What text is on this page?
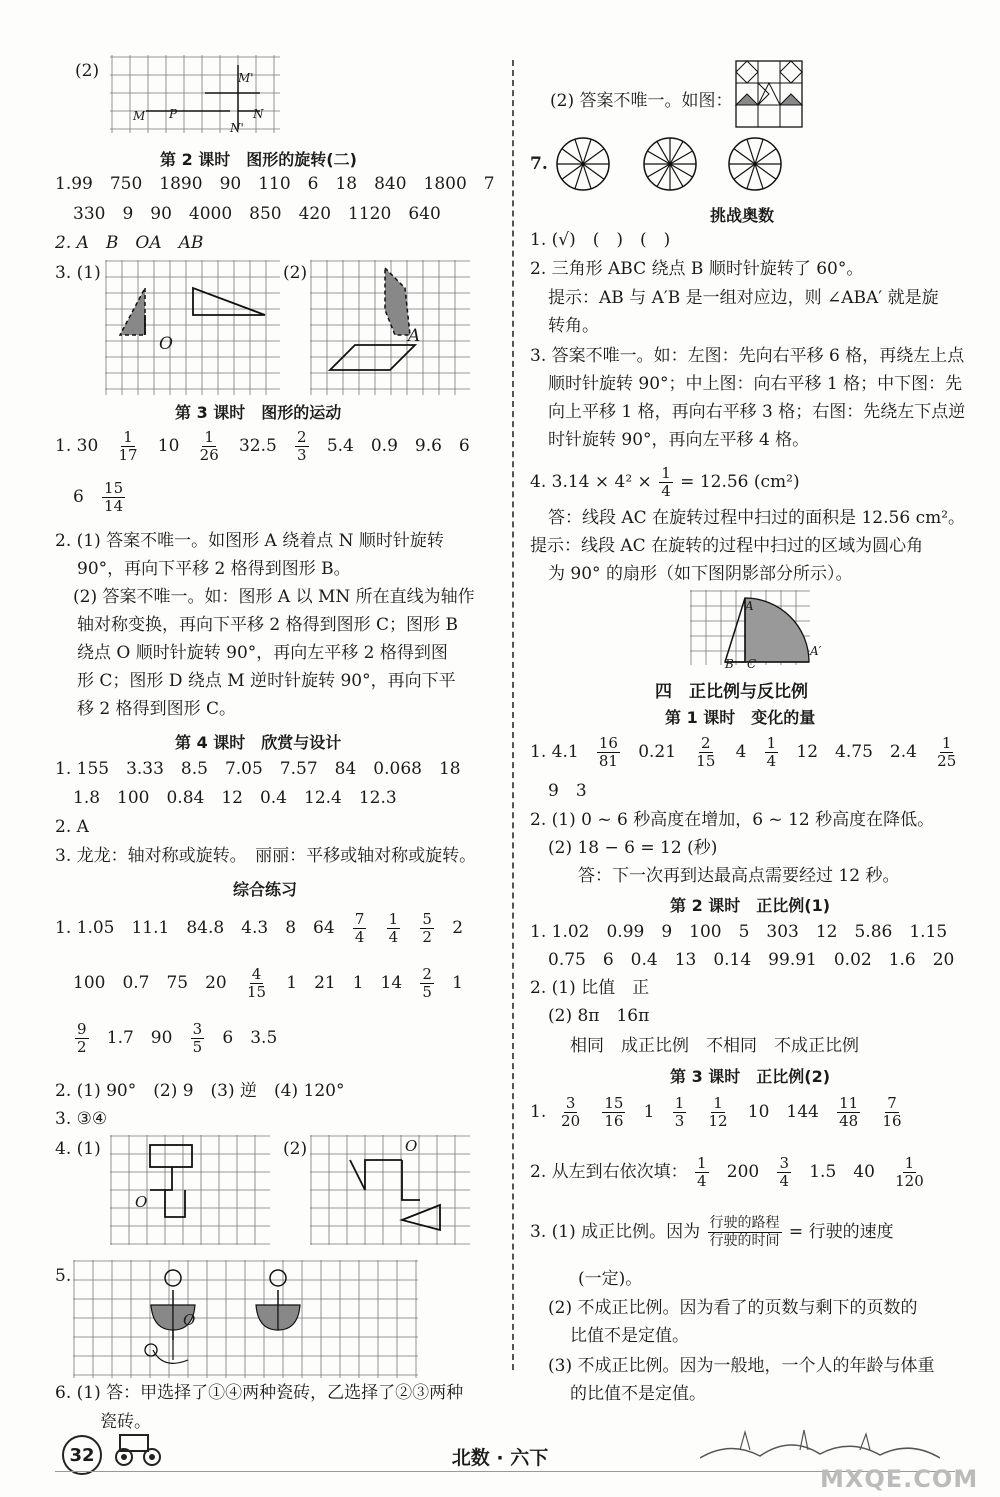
(2)	M'
M P	N
N'
第 2 课时　图形的旋转(二)
1.99　750　1890　90　110　6　18　840　1800　7
330　9　90　4000　850　420　1120　640
2. A　B　OA　AB
3. (1)
O
(2)
A
第 3 课时　图形的运动
1. $30 \frac{1}{17} 10 \frac{1}{26} 32.5 \frac{2}{3} 5.4$　0.9　9.6　6
$6 \frac{15}{14}$
2. (1) 答案不唯一。如图形 A 绕着点 N 顺时针旋转
90°，再向下平移 2 格得到图形 B。
(2) 答案不唯一。如：图形 A 以 MN 所在直线为轴作
轴对称变换，再向下平移 2 格得到图形 C；图形 B
绕点 O 顺时针旋转 90°，再向左平移 2 格得到图
形 C；图形 D 绕点 M 逆时针旋转 90°，再向下平
移 2 格得到图形 C。
第 4 课时　欣赏与设计
1. 155　3.33　8.5　7.05　7.57　84　0.068　18
1.8　100　0.84　12　0.4　12.4　12.3
2. A
3. 龙龙：轴对称或旋转。　丽丽：平移或轴对称或旋转。
综合练习
1. 1.05　11.1　84.8　4.3　8　$64 \frac{7}{4}$
$\frac{1}{4}$
$\frac{5}{2} 2$
100　0.7　75　$20 \frac{4}{15} 1$　21　1　$14 \frac{2}{5} 1$
$\frac{9}{2} 1.7$　$90 \frac{3}{5} 6$　3.5
2. (1) 90°　(2) 9　(3) 逆　(4) 120°
3. ③④
4. (1)
O
(2)	O
5.
O
6. (1) 答：甲选择了①④两种瓷砖，乙选择了②③两种
瓷砖。
(2) 答案不唯一。如图：
7.
挑战奥数
1. (√)　(　)　(　)
2. 三角形 ABC 绕点 B 顺时针旋转了 60°。
提示：AB 与 A′B 是一组对应边，则 ∠ABA′ 就是旋
转角。
3. 答案不唯一。如：左图：先向右平移 6 格，再绕左上点
顺时针旋转 90°；中上图：向右平移 1 格；中下图：先
向上平移 1 格，再向右平移 3 格；右图：先绕左下点逆
时针旋转 90°，再向左平移 4 格。
4. $3.14 \times 4^2 \times \frac{1}{4} = 12.56$ (cm²)
答：线段 AC 在旋转过程中扫过的面积是 12.56 cm²。
提示：线段 AC 在旋转的过程中扫过的区域为圆心角
为 90° 的扇形（如下图阴影部分所示）。
A
B C
A′
四　正比例与反比例
第 1 课时　变化的量
1. $4.1 \frac{16}{81} 0.21 \frac{2}{15} 4 \frac{1}{4} 12$　4.75　$2.4 \frac{1}{25}$
9　3
2. (1) 0 ~ 6 秒高度在增加，6 ~ 12 秒高度在降低。
(2) 18 − 6 = 12 (秒)
答：下一次再到达最高点需要经过 12 秒。
第 2 课时　正比例(1)
1. 1.02　0.99　9　100　5　303　12　5.86　1.15
0.75　6　0.4　13　0.14　99.91　0.02　1.6　20
2. (1) 比值　正
(2) 8π　16π
相同　成正比例　不相同　不成正比例
第 3 课时　正比例(2)
1. $\frac{3}{20}$
$\frac{15}{16} 1 \frac{1}{3}$
$\frac{1}{12} 10$　$144 \frac{11}{48}$
$\frac{7}{16}$
2. 从左到右依次填： $\frac{1}{4} 200 \frac{3}{4} 1.5$　$40 \frac{1}{120}$
3. (1) 成正比例。因为 $\frac{\text{行驶的路程}}{\text{行驶的时间}}$ = 行驶的速度
(一定)。
(2) 不成正比例。因为看了的页数与剩下的页数的
比值不是定值。
(3) 不成正比例。因为一般地，一个人的年龄与体重
的比值不是定值。
32	北数 · 六下
MXQE.COM
